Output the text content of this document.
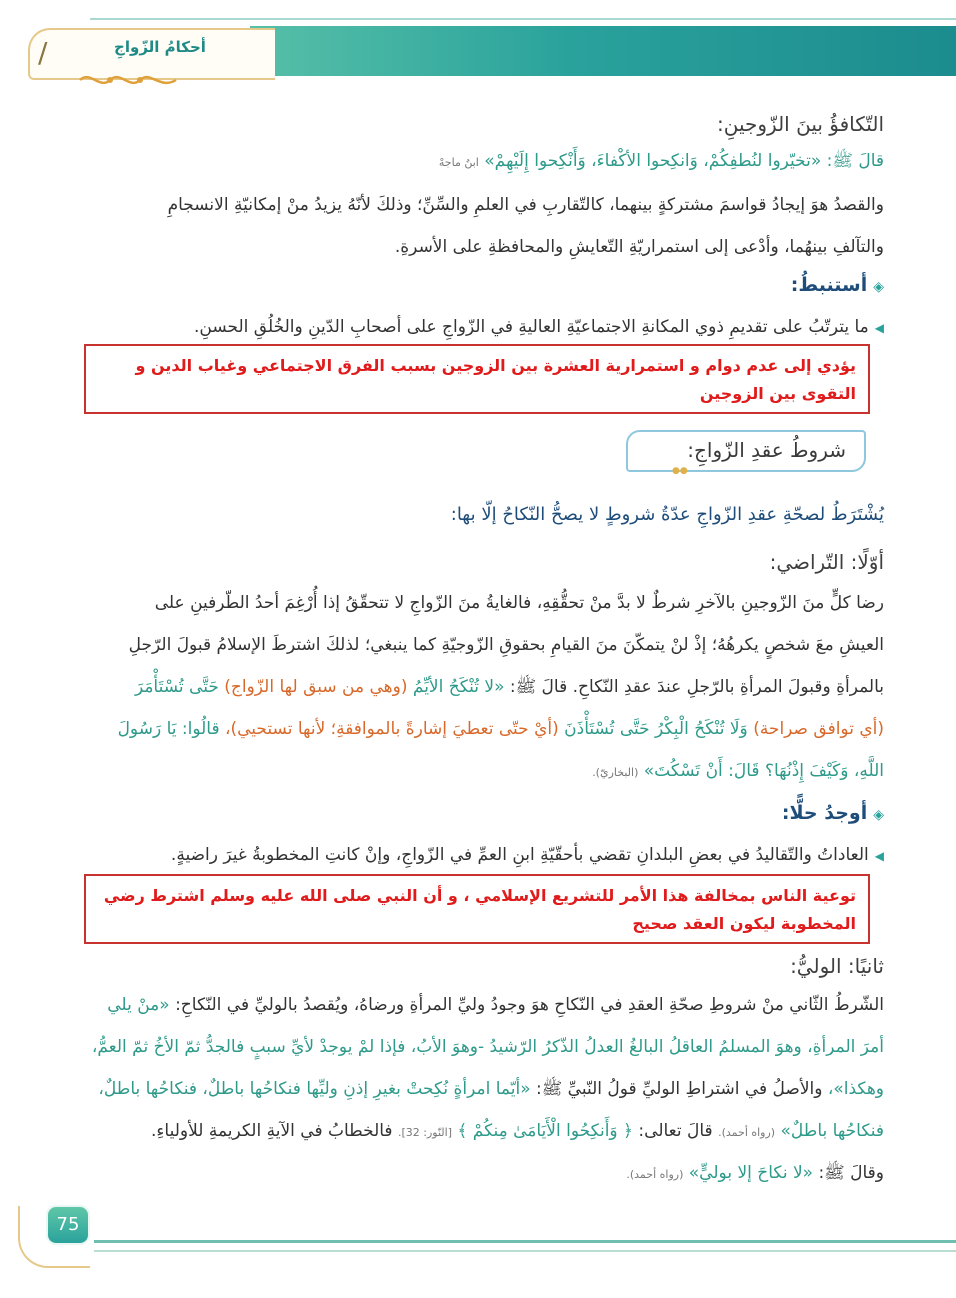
/	أحكامُ الزّواجِ
التّكافؤُ بينَ الزّوجينِ:
قالَ ﷺ: «تخيّروا لنُطفِكُمْ، وَانكِحوا الأكْفاءَ، وَأَنْكِحوا إِلَيْهِمْ» ابنُ ماجهْ
والقصدُ هوَ إيجادُ قواسمَ مشتركةٍ بينهما، كالتّقاربِ في العلمِ والسِّنِّ؛ وذلكَ لأنّهُ يزيدُ منْ إمكانيّةِ الانسجامِ
والتآلفِ بينهُما، وأدْعى إلى استمراريّةِ التّعايشِ والمحافظةِ على الأسرةِ.
◈أستنبطُ:
◀ما يترتّبُ على تقديمِ ذوي المكانةِ الاجتماعيّةِ العاليةِ في الزّواجِ على أصحابِ الدّينِ والخُلُقِ الحسنِ.
يؤدي إلى عدم دوام و استمرارية العشرة بين الزوجين بسبب الفرق الاجتماعي وغياب الدين و التقوى بين الزوجين
شروطُ عقدِ الزّواجِ:
●●
يُشْتَرَطُ لصحّةِ عقدِ الزّواجِ عدّةُ شروطٍ لا يصحُّ النّكاحُ إلّا بها:
أوّلًا: التّراضي:
رضا كلٍّ منَ الزّوجينِ بالآخرِ شرطٌ لا بدَّ منْ تحقُّقِهِ، فالغايةُ منَ الزّواجِ لا تتحقّقُ إذا أُرْغِمَ أحدُ الطّرفينِ على
العيشِ معَ شخصٍ يكرهُهُ؛ إذْ لنْ يتمكّنَ منَ القيامِ بحقوقِ الزّوجيّةِ كما ينبغي؛ لذلكَ اشترطَ الإسلامُ قبولَ الرّجلِ
بالمرأةِ وقبولَ المرأةِ بالرّجلِ عندَ عقدِ النّكاحِ. قالَ ﷺ: «لا تُنْكَحُ الأيِّمُ (وهي من سبق لها الزّواج) حَتَّى تُسْتَأْمَرَ
(أي توافق صراحة) وَلَا تُنْكَحُ الْبِكْرُ حَتَّى تُسْتَأْذَنَ (أيْ حتّى تعطيَ إشارةً بالموافقةِ؛ لأنها تستحيي)، قالُوا: يَا رَسُولَ
اللَّهِ، وَكَيْفَ إِذْنُهَا؟ قَالَ: أَنْ تَسْكُتَ» (البخاريّ).
◈أوجدُ حلًّا:
◀العاداتُ والتّقاليدُ في بعضِ البلدانِ تقضي بأحقّيّةِ ابنِ العمِّ في الزّواجِ، وإنْ كانتِ المخطوبةُ غيرَ راضيةٍ.
توعية الناس بمخالفة هذا الأمر للتشريع الإسلامي ، و أن النبي صلى الله عليه وسلم اشترط رضي المخطوبة ليكون العقد صحيح
ثانيًا: الوليُّ:
الشّرطُ الثّاني منْ شروطِ صحّةِ العقدِ في النّكاحِ هوَ وجودُ وليِّ المرأةِ ورضاهُ، ويُقصدُ بالوليِّ في النّكاحِ: «منْ يلي
أمرَ المرأةِ، وهوَ المسلمُ العاقلُ البالغُ العدلُ الذّكرُ الرّشيدُ -وهوَ الأبُ، فإذا لمْ يوجدْ لأيِّ سببٍ فالجدُّ ثمّ الأخُ ثمّ العمُّ،
وهكذا»، والأصلُ في اشتراطِ الوليِّ قولُ النّبيِّ ﷺ: «أيّما امرأةٍ نُكِحتْ بغيرِ إذنِ وليِّها فنكاحُها باطلٌ، فنكاحُها باطلٌ،
فنكاحُها باطلٌ» (رواه أحمد). قالَ تعالى: ﴿ وَأَنكِحُوا الْأَيَامَىٰ مِنكُمْ ﴾ [النّور: 32]. فالخطابُ في الآيةِ الكريمةِ للأولياءِ.
وقالَ ﷺ: «لا نكاحَ إلا بوليٍّ» (رواه أحمد).
75
